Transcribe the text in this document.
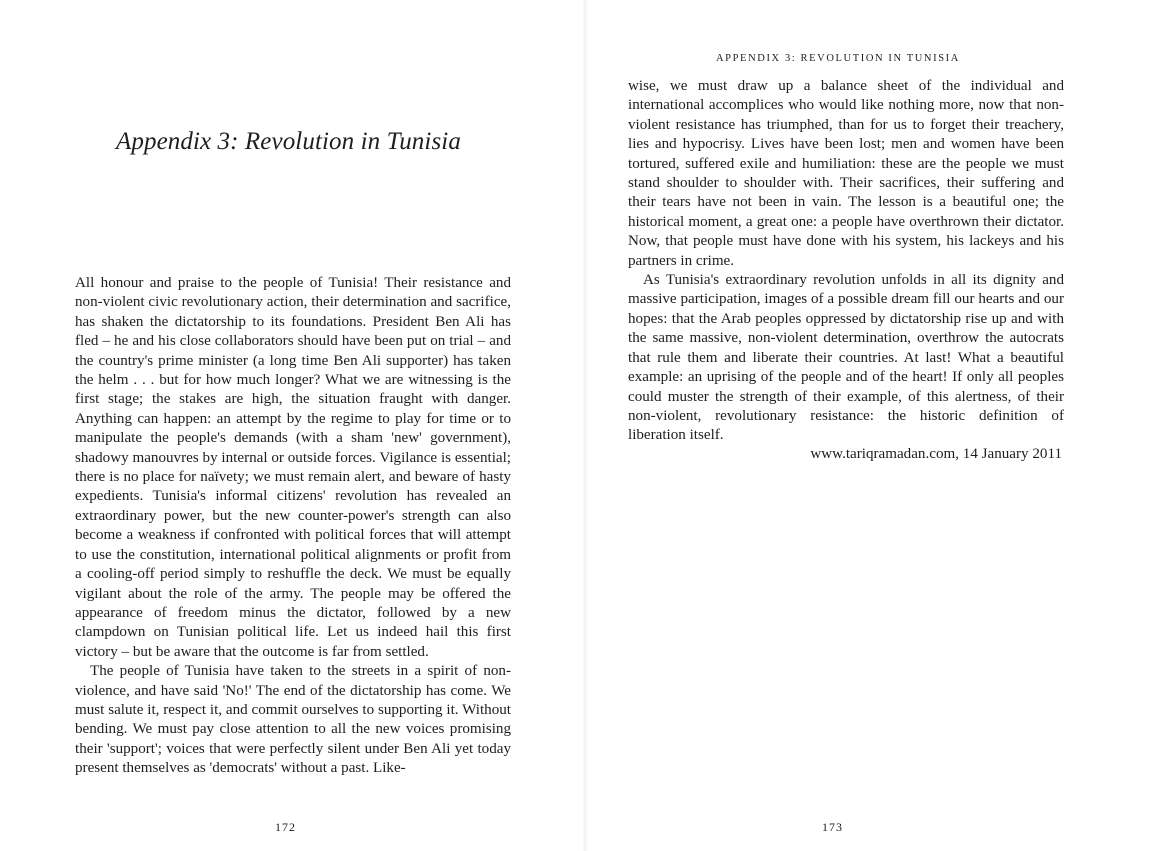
Appendix 3: Revolution in Tunisia

All honour and praise to the people of Tunisia! Their resistance and non-violent civic revolutionary action, their determination and sacrifice, has shaken the dictatorship to its foundations. President Ben Ali has fled – he and his close collaborators should have been put on trial – and the country's prime minister (a long time Ben Ali supporter) has taken the helm . . . but for how much longer? What we are witnessing is the first stage; the stakes are high, the situation fraught with danger. Anything can happen: an attempt by the regime to play for time or to manipulate the people's demands (with a sham 'new' government), shadowy manouvres by internal or outside forces. Vigilance is essential; there is no place for naïvety; we must remain alert, and beware of hasty expedients. Tunisia's informal citizens' revolution has revealed an extraordinary power, but the new counter-power's strength can also become a weakness if confronted with political forces that will attempt to use the constitution, international political alignments or profit from a cooling-off period simply to reshuffle the deck. We must be equally vigilant about the role of the army. The people may be offered the appearance of freedom minus the dictator, followed by a new clampdown on Tunisian political life. Let us indeed hail this first victory – but be aware that the outcome is far from settled.

The people of Tunisia have taken to the streets in a spirit of non-violence, and have said 'No!' The end of the dictatorship has come. We must salute it, respect it, and commit ourselves to supporting it. Without bending. We must pay close attention to all the new voices promising their 'support'; voices that were perfectly silent under Ben Ali yet today present themselves as 'democrats' without a past. Like-

APPENDIX 3: REVOLUTION IN TUNISIA

wise, we must draw up a balance sheet of the individual and international accomplices who would like nothing more, now that non-violent resistance has triumphed, than for us to forget their treachery, lies and hypocrisy. Lives have been lost; men and women have been tortured, suffered exile and humiliation: these are the people we must stand shoulder to shoulder with. Their sacrifices, their suffering and their tears have not been in vain. The lesson is a beautiful one; the historical moment, a great one: a people have overthrown their dictator. Now, that people must have done with his system, his lackeys and his partners in crime.

As Tunisia's extraordinary revolution unfolds in all its dignity and massive participation, images of a possible dream fill our hearts and our hopes: that the Arab peoples oppressed by dictatorship rise up and with the same massive, non-violent determination, overthrow the autocrats that rule them and liberate their countries. At last! What a beautiful example: an uprising of the people and of the heart! If only all peoples could muster the strength of their example, of this alertness, of their non-violent, revolutionary resistance: the historic definition of liberation itself.

www.tariqramadan.com, 14 January 2011
172	173
